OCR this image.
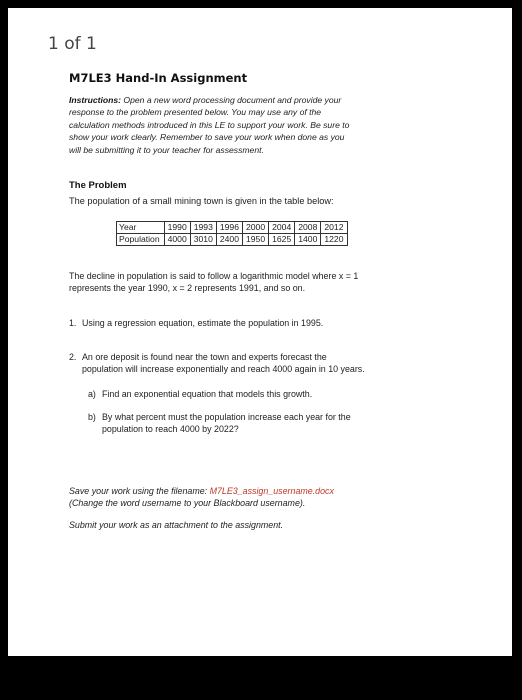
1 of 1
M7LE3 Hand-In Assignment
Instructions: Open a new word processing document and provide your
response to the problem presented below. You may use any of the
calculation methods introduced in this LE to support your work. Be sure to
show your work clearly. Remember to save your work when done as you
will be submitting it to your teacher for assessment.
The Problem
The population of a small mining town is given in the table below:
Year	1990	1993	1996	2000	2004	2008	2012
Population	4000	3010	2400	1950	1625	1400	1220
The decline in population is said to follow a logarithmic model where x = 1
represents the year 1990, x = 2 represents 1991, and so on.
1. Using a regression equation, estimate the population in 1995.
2. An ore deposit is found near the town and experts forecast the
population will increase exponentially and reach 4000 again in 10 years.
a) Find an exponential equation that models this growth.
b) By what percent must the population increase each year for the
population to reach 4000 by 2022?
Save your work using the filename: M7LE3_assign_username.docx
(Change the word username to your Blackboard username).
Submit your work as an attachment to the assignment.
